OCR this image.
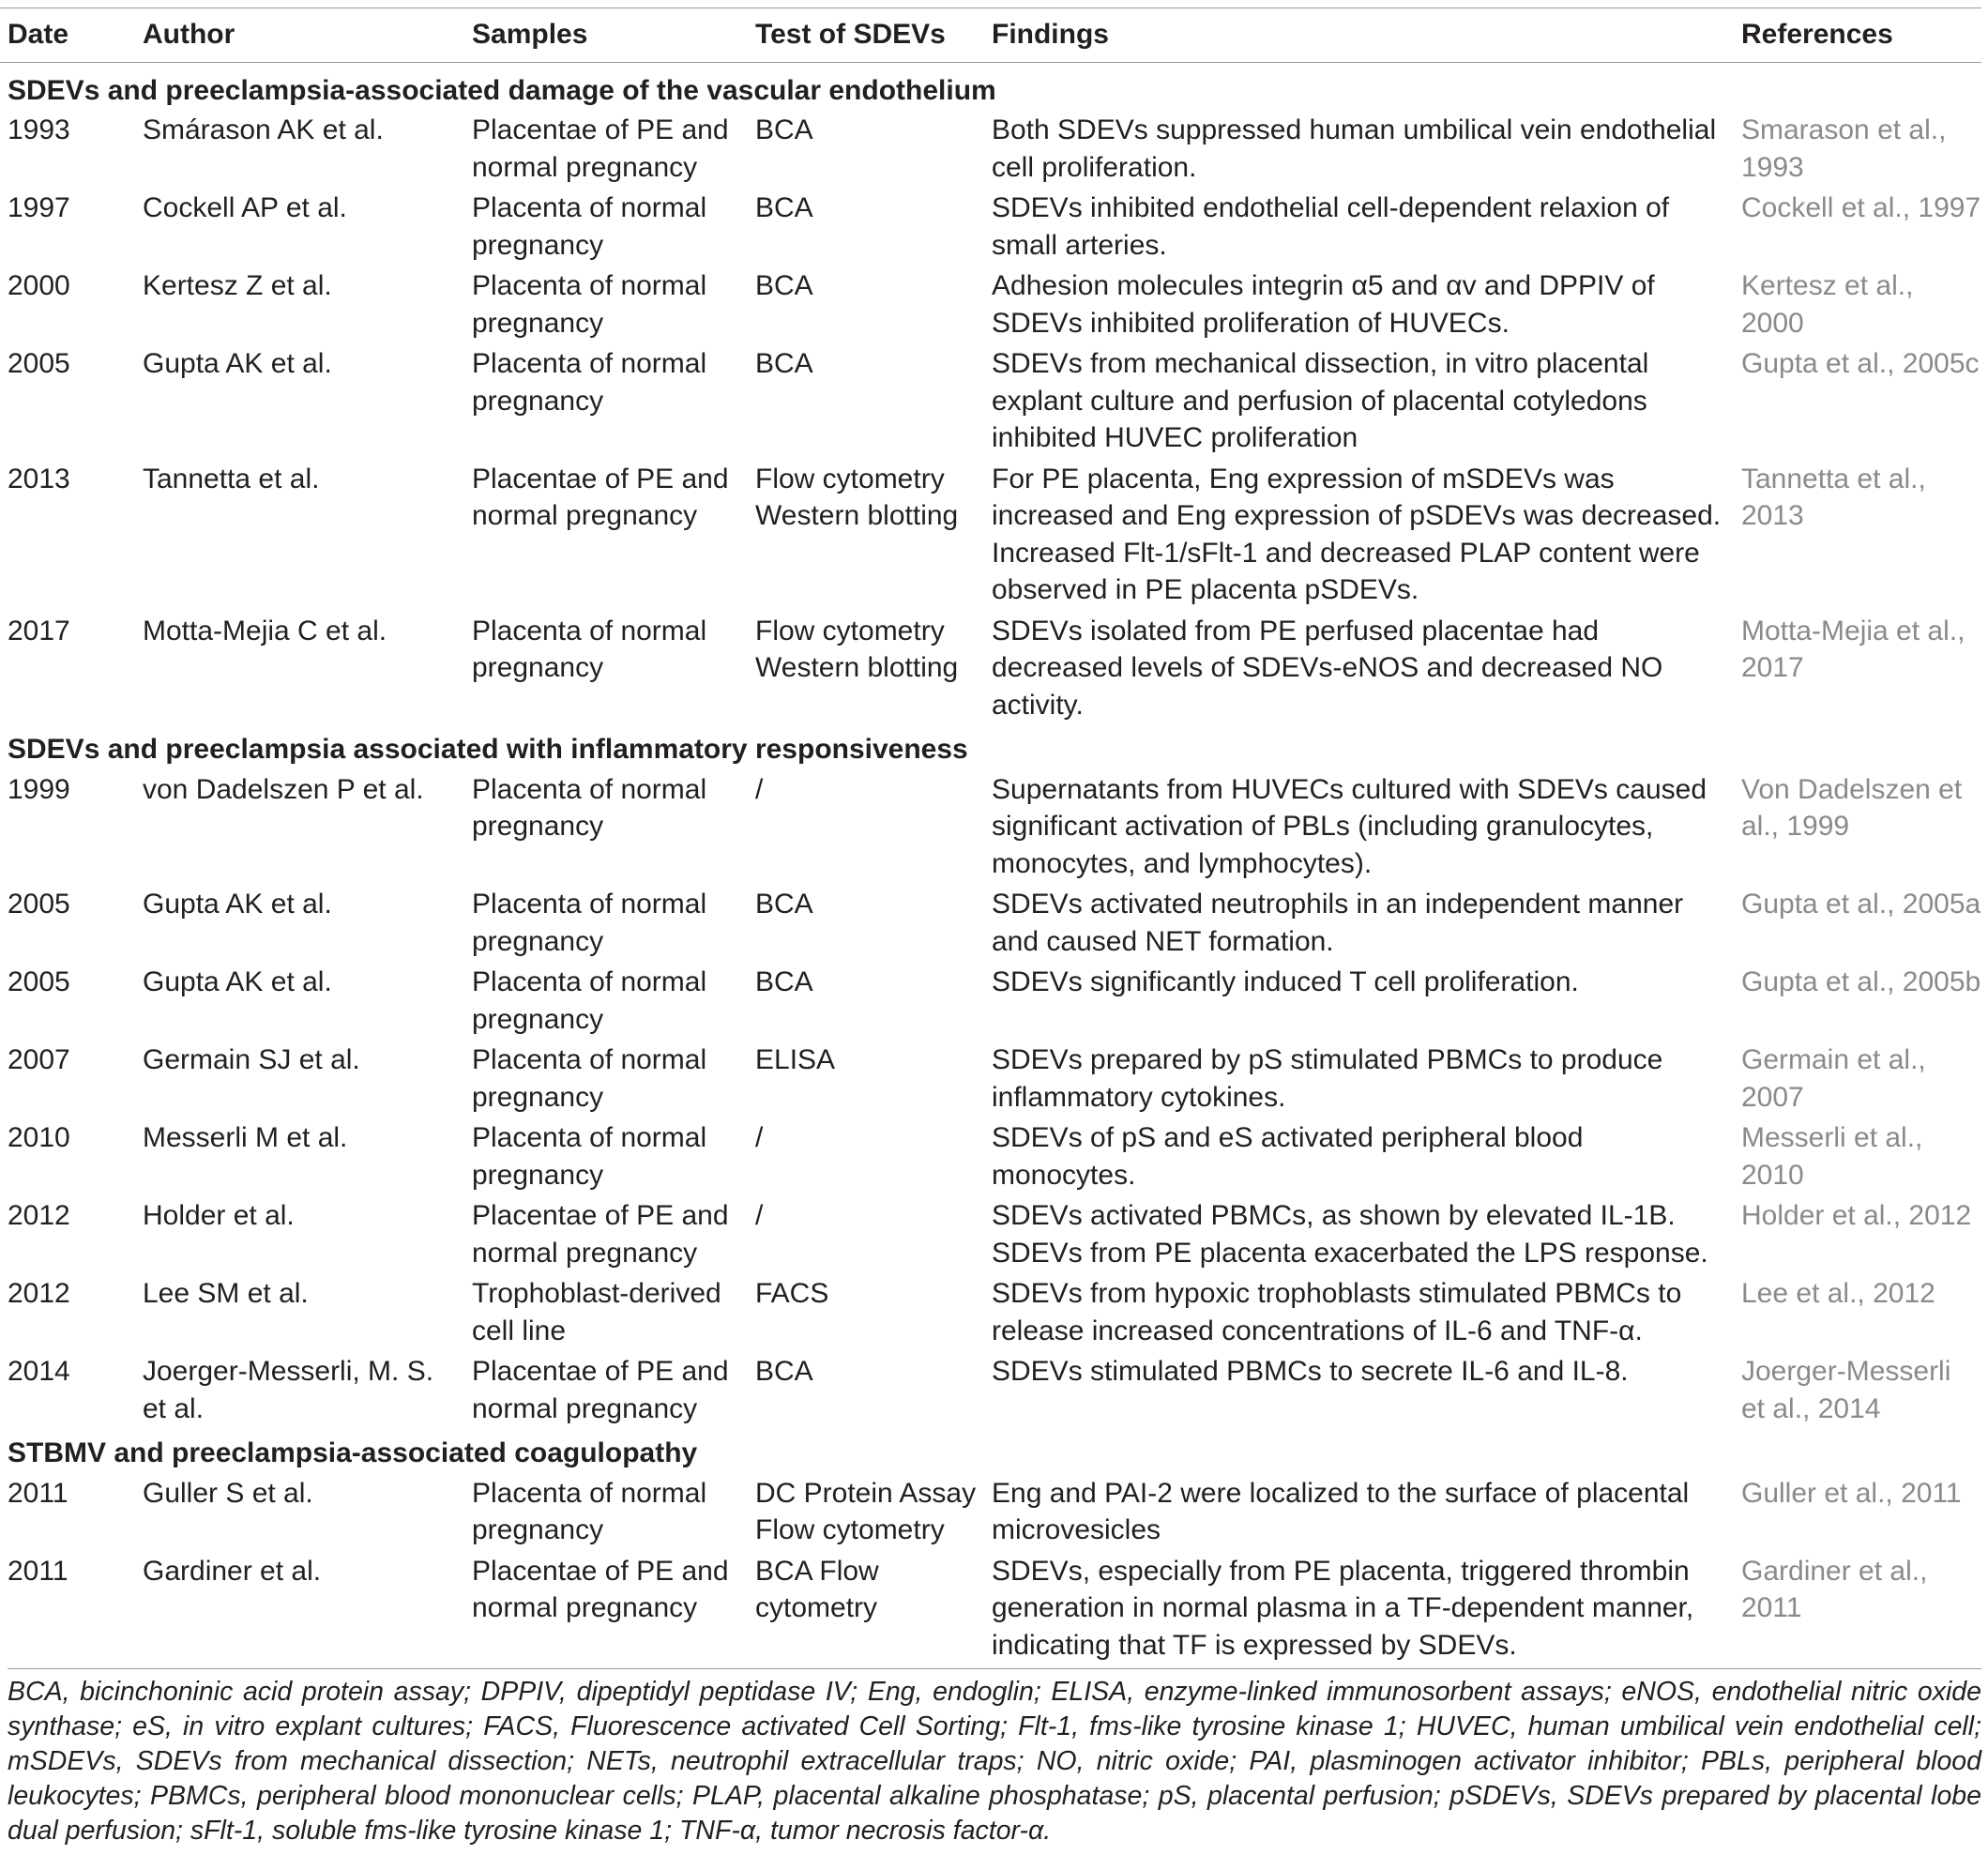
Date	Author	Samples	Test of SDEVs	Findings	References
SDEVs and preeclampsia-associated damage of the vascular endothelium					
1993	Smárason AK et al.	Placentae of PE and normal pregnancy	BCA	Both SDEVs suppressed human umbilical vein endothelial cell proliferation.	Smarason et al., 1993
1997	Cockell AP et al.	Placenta of normal pregnancy	BCA	SDEVs inhibited endothelial cell-dependent relaxion of small arteries.	Cockell et al., 1997
2000	Kertesz Z et al.	Placenta of normal pregnancy	BCA	Adhesion molecules integrin α5 and αv and DPPIV of SDEVs inhibited proliferation of HUVECs.	Kertesz et al., 2000
2005	Gupta AK et al.	Placenta of normal pregnancy	BCA	SDEVs from mechanical dissection, in vitro placental explant culture and perfusion of placental cotyledons inhibited HUVEC proliferation	Gupta et al., 2005c
2013	Tannetta et al.	Placentae of PE and normal pregnancy	Flow cytometry Western blotting	For PE placenta, Eng expression of mSDEVs was increased and Eng expression of pSDEVs was decreased. Increased Flt-1/sFlt-1 and decreased PLAP content were observed in PE placenta pSDEVs.	Tannetta et al., 2013
2017	Motta-Mejia C et al.	Placenta of normal pregnancy	Flow cytometry Western blotting	SDEVs isolated from PE perfused placentae had decreased levels of SDEVs-eNOS and decreased NO activity.	Motta-Mejia et al., 2017
SDEVs and preeclampsia associated with inflammatory responsiveness					
1999	von Dadelszen P et al.	Placenta of normal pregnancy	/	Supernatants from HUVECs cultured with SDEVs caused significant activation of PBLs (including granulocytes, monocytes, and lymphocytes).	Von Dadelszen et al., 1999
2005	Gupta AK et al.	Placenta of normal pregnancy	BCA	SDEVs activated neutrophils in an independent manner and caused NET formation.	Gupta et al., 2005a
2005	Gupta AK et al.	Placenta of normal pregnancy	BCA	SDEVs significantly induced T cell proliferation.	Gupta et al., 2005b
2007	Germain SJ et al.	Placenta of normal pregnancy	ELISA	SDEVs prepared by pS stimulated PBMCs to produce inflammatory cytokines.	Germain et al., 2007
2010	Messerli M et al.	Placenta of normal pregnancy	/	SDEVs of pS and eS activated peripheral blood monocytes.	Messerli et al., 2010
2012	Holder et al.	Placentae of PE and normal pregnancy	/	SDEVs activated PBMCs, as shown by elevated IL-1B. SDEVs from PE placenta exacerbated the LPS response.	Holder et al., 2012
2012	Lee SM et al.	Trophoblast-derived cell line	FACS	SDEVs from hypoxic trophoblasts stimulated PBMCs to release increased concentrations of IL-6 and TNF-α.	Lee et al., 2012
2014	Joerger-Messerli, M. S. et al.	Placentae of PE and normal pregnancy	BCA	SDEVs stimulated PBMCs to secrete IL-6 and IL-8.	Joerger-Messerli et al., 2014
STBMV and preeclampsia-associated coagulopathy					
2011	Guller S et al.	Placenta of normal pregnancy	DC Protein Assay Flow cytometry	Eng and PAI-2 were localized to the surface of placental microvesicles	Guller et al., 2011
2011	Gardiner et al.	Placentae of PE and normal pregnancy	BCA Flow cytometry	SDEVs, especially from PE placenta, triggered thrombin generation in normal plasma in a TF-dependent manner, indicating that TF is expressed by SDEVs.	Gardiner et al., 2011
BCA, bicinchoninic acid protein assay; DPPIV, dipeptidyl peptidase IV; Eng, endoglin; ELISA, enzyme-linked immunosorbent assays; eNOS, endothelial nitric oxide synthase; eS, in vitro explant cultures; FACS, Fluorescence activated Cell Sorting; Flt-1, fms-like tyrosine kinase 1; HUVEC, human umbilical vein endothelial cell; mSDEVs, SDEVs from mechanical dissection; NETs, neutrophil extracellular traps; NO, nitric oxide; PAI, plasminogen activator inhibitor; PBLs, peripheral blood leukocytes; PBMCs, peripheral blood mononuclear cells; PLAP, placental alkaline phosphatase; pS, placental perfusion; pSDEVs, SDEVs prepared by placental lobe dual perfusion; sFlt-1, soluble fms-like tyrosine kinase 1; TNF-α, tumor necrosis factor-α.
